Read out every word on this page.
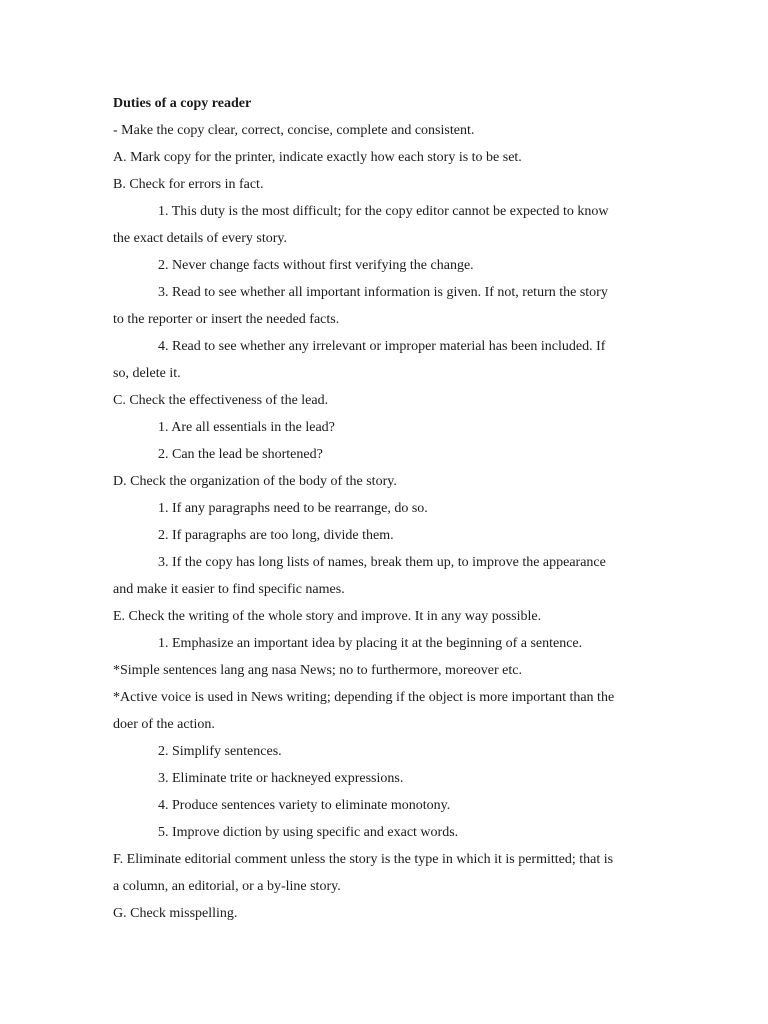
Duties of a copy reader
- Make the copy clear, correct, concise, complete and consistent.
A. Mark copy for the printer, indicate exactly how each story is to be set.
B. Check for errors in fact.
1. This duty is the most difficult; for the copy editor cannot be expected to know
the exact details of every story.
2. Never change facts without first verifying the change.
3. Read to see whether all important information is given. If not, return the story
to the reporter or insert the needed facts.
4. Read to see whether any irrelevant or improper material has been included. If
so, delete it.
C. Check the effectiveness of the lead.
1. Are all essentials in the lead?
2. Can the lead be shortened?
D. Check the organization of the body of the story.
1. If any paragraphs need to be rearrange, do so.
2. If paragraphs are too long, divide them.
3. If the copy has long lists of names, break them up, to improve the appearance
and make it easier to find specific names.
E. Check the writing of the whole story and improve. It in any way possible.
1. Emphasize an important idea by placing it at the beginning of a sentence.
*Simple sentences lang ang nasa News; no to furthermore, moreover etc.
*Active voice is used in News writing; depending if the object is more important than the
doer of the action.
2. Simplify sentences.
3. Eliminate trite or hackneyed expressions.
4. Produce sentences variety to eliminate monotony.
5. Improve diction by using specific and exact words.
F. Eliminate editorial comment unless the story is the type in which it is permitted; that is
a column, an editorial, or a by-line story.
G. Check misspelling.
